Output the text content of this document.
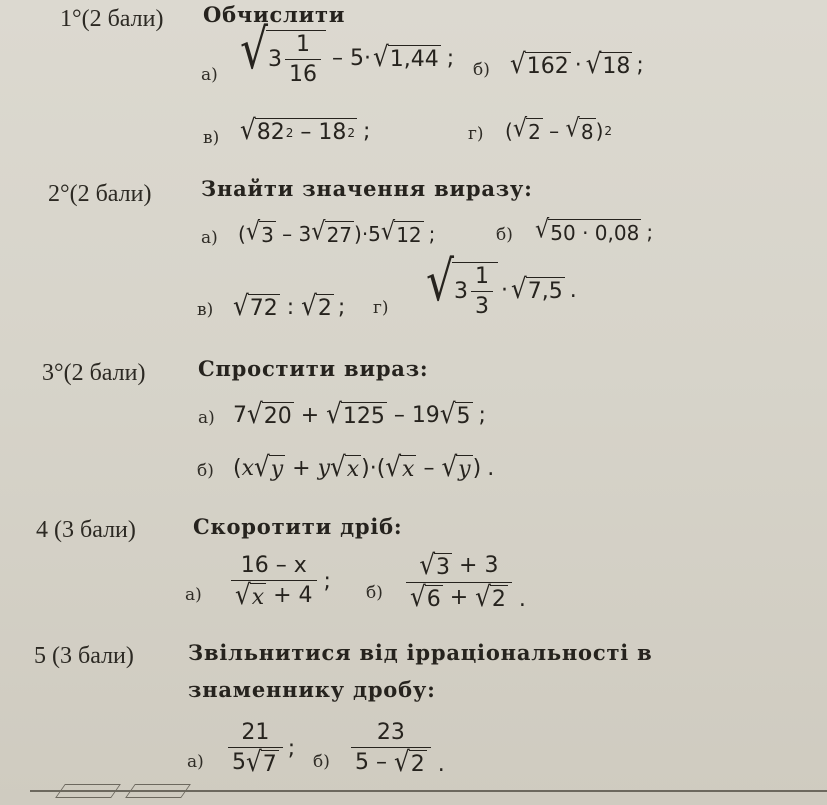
1°(2 бали) Обчислити
а) √ $3 \frac{1}{16} - 5\cdot$ √ 1,44 ; б) √ 162 · √ 18 ;
в) √ 82 2 – 18 2 ;	г) ( √ 2 – √ 8 ) 2
2°(2 бали) Знайти значення виразу:
а) ( √ 3 – 3 √ 27 )·5 √ 12 ;	б) √ 50 · 0,08 ;
в) √ 72 : √ 2 ; г) √ $3 \frac{1}{3}$ · √ 7,5 .
3°(2 бали)	Спростити вираз:
а) 7 √ 20 + √ 125 – 19 √ 5 ;
б) ( x √ y + y √ x ) · ( √ x – √ y ) .
4 (3 бали)	Скоротити дріб:
$а) \frac{16 - x}{√ x + 4}$ ; $б) \frac{√ 3 + 3}{√ 6 + √ 2}$ .
5 (3 бали)	Звільнитися від ірраціональності в
знаменнику дробу:
$а) \frac{21}{5 √ 7}$ ;
$б) \frac{23}{5 - √ 2}$ .
